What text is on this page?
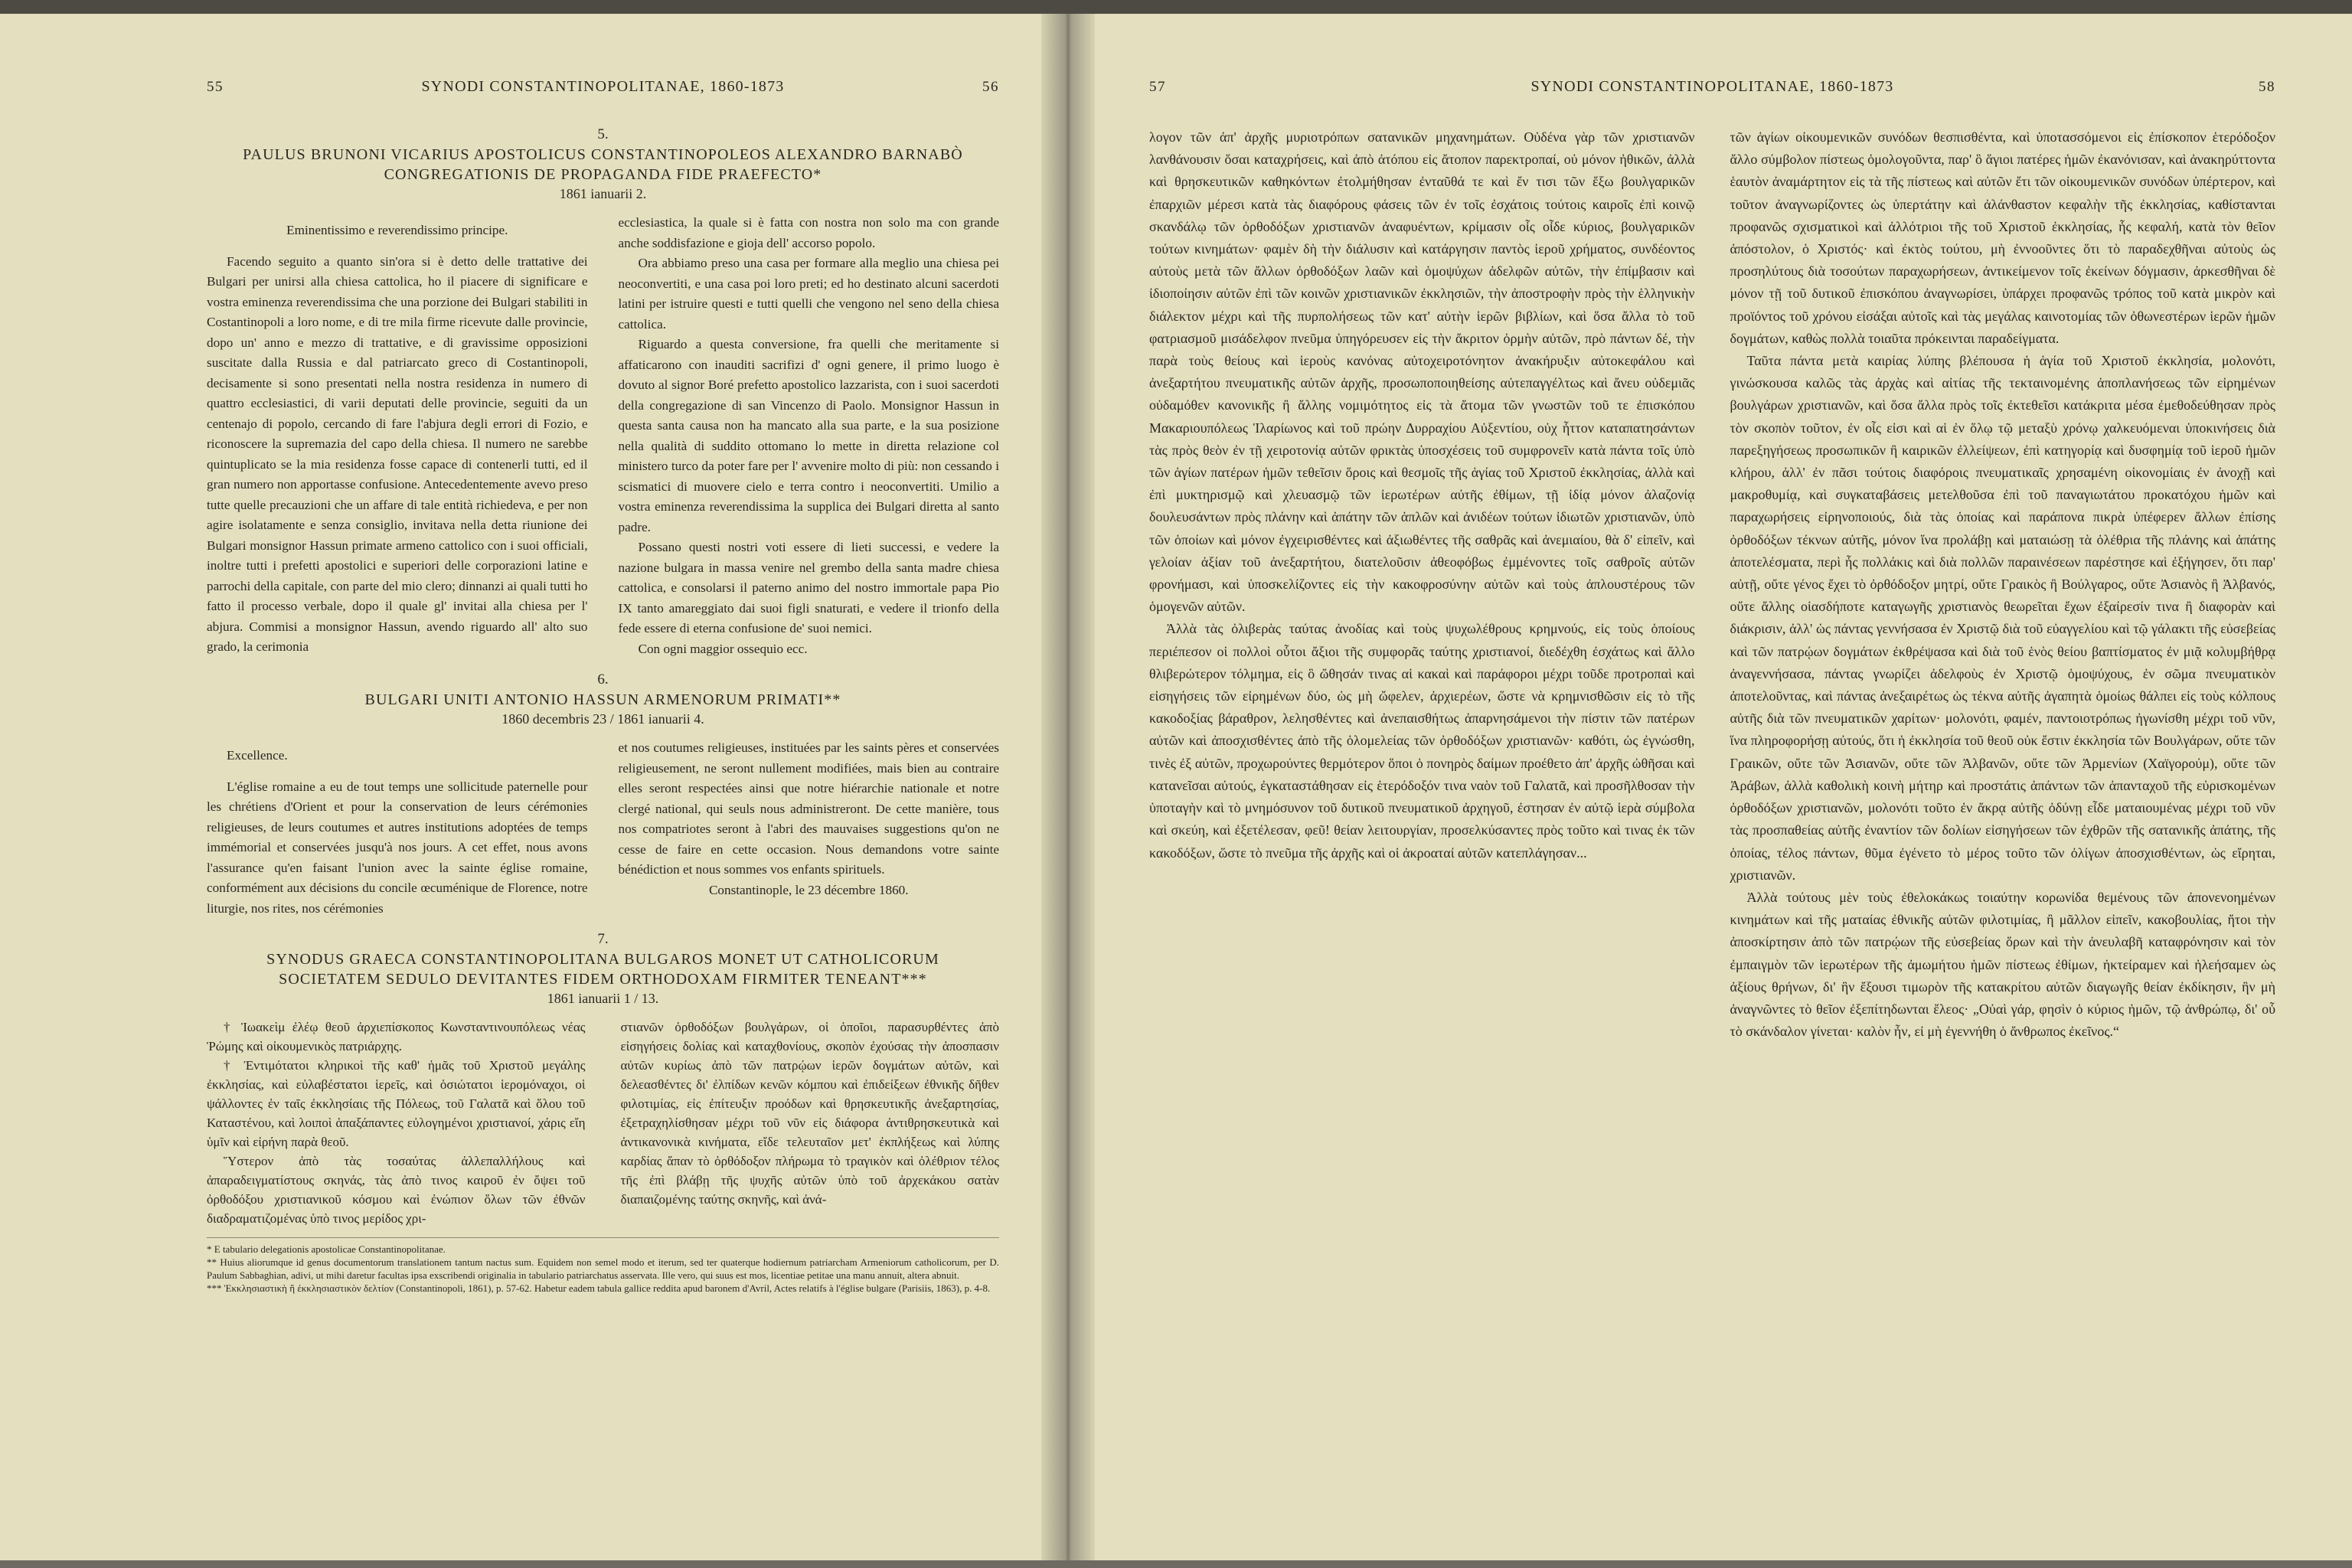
55	SYNODI CONSTANTINOPOLITANAE, 1860-1873	56
5.
PAULUS BRUNONI VICARIUS APOSTOLICUS CONSTANTINOPOLEOS ALEXANDRO BARNABÒ
CONGREGATIONIS DE PROPAGANDA FIDE PRAEFECTO*
1861 ianuarii 2.

Eminentissimo e reverendissimo principe.

Facendo seguito a quanto sin'ora si è detto delle trattative dei Bulgari per unirsi alla chiesa cattolica, ho il piacere di significare e vostra eminenza reverendissima che una porzione dei Bulgari stabiliti in Costantinopoli a loro nome, e di tre mila firme ricevute dalle provincie, dopo un' anno e mezzo di trattative, e di gravissime opposizioni suscitate dalla Russia e dal patriarcato greco di Costantinopoli, decisamente si sono presentati nella nostra residenza in numero di quattro ecclesiastici, di varii deputati delle provincie, seguiti da un centenajo di popolo, cercando di fare l'abjura degli errori di Fozio, e riconoscere la supremazia del capo della chiesa. Il numero ne sarebbe quintuplicato se la mia residenza fosse capace di contenerli tutti, ed il gran numero non apportasse confusione. Antecedentemente avevo preso tutte quelle precauzioni che un affare di tale entità richiedeva, e per non agire isolatamente e senza consiglio, invitava nella detta riunione dei Bulgari monsignor Hassun primate armeno cattolico con i suoi officiali, inoltre tutti i prefetti apostolici e superiori delle corporazioni latine e parrochi della capitale, con parte del mio clero; dinnanzi ai quali tutti ho fatto il processo verbale, dopo il quale gl' invitai alla chiesa per l' abjura. Commisi a monsignor Hassun, avendo riguardo all' alto suo grado, la cerimonia

ecclesiastica, la quale si è fatta con nostra non solo ma con grande anche soddisfazione e gioja dell' accorso popolo.

Ora abbiamo preso una casa per formare alla meglio una chiesa pei neoconvertiti, e una casa poi loro preti; ed ho destinato alcuni sacerdoti latini per istruire questi e tutti quelli che vengono nel seno della chiesa cattolica.

Riguardo a questa conversione, fra quelli che meritamente si affaticarono con inauditi sacrifizi d' ogni genere, il primo luogo è dovuto al signor Boré prefetto apostolico lazzarista, con i suoi sacerdoti della congregazione di san Vincenzo di Paolo. Monsignor Hassun in questa santa causa non ha mancato alla sua parte, e la sua posizione nella qualità di suddito ottomano lo mette in diretta relazione col ministero turco da poter fare per l' avvenire molto di più: non cessando i scismatici di muovere cielo e terra contro i neoconvertiti. Umilio a vostra eminenza reverendissima la supplica dei Bulgari diretta al santo padre.

Possano questi nostri voti essere di lieti successi, e vedere la nazione bulgara in massa venire nel grembo della santa madre chiesa cattolica, e consolarsi il paterno animo del nostro immortale papa Pio IX tanto amareggiato dai suoi figli snaturati, e vedere il trionfo della fede essere di eterna confusione de' suoi nemici.

Con ogni maggior ossequio ecc.

6.
BULGARI UNITI ANTONIO HASSUN ARMENORUM PRIMATI**
1860 decembris 23 / 1861 ianuarii 4.

Excellence.

L'église romaine a eu de tout temps une sollicitude paternelle pour les chrétiens d'Orient et pour la conservation de leurs cérémonies religieuses, de leurs coutumes et autres institutions adoptées de temps immémorial et conservées jusqu'à nos jours. A cet effet, nous avons l'assurance qu'en faisant l'union avec la sainte église romaine, conformément aux décisions du concile œcuménique de Florence, notre liturgie, nos rites, nos cérémonies

et nos coutumes religieuses, instituées par les saints pères et conservées religieusement, ne seront nullement modifiées, mais bien au contraire elles seront respectées ainsi que notre hiérarchie nationale et notre clergé national, qui seuls nous administreront. De cette manière, tous nos compatriotes seront à l'abri des mauvaises suggestions qu'on ne cesse de faire en cette occasion. Nous demandons votre sainte bénédiction et nous sommes vos enfants spirituels.

Constantinople, le 23 décembre 1860.

7.
SYNODUS GRAECA CONSTANTINOPOLITANA BULGAROS MONET UT CATHOLICORUM
SOCIETATEM SEDULO DEVITANTES FIDEM ORTHODOXAM FIRMITER TENEANT***
1861 ianuarii 1 / 13.

† Ἰωακεὶμ ἐλέῳ θεοῦ ἀρχιεπίσκοπος Κωνσταντινουπόλεως νέας Ῥώμης καὶ οἰκουμενικὸς πατριάρχης.

† Ἐντιμότατοι κληρικοὶ τῆς καθ' ἡμᾶς τοῦ Χριστοῦ μεγάλης ἐκκλησίας, καὶ εὐλαβέστατοι ἱερεῖς, καὶ ὁσιώτατοι ἱερομόναχοι, οἱ ψάλλοντες ἐν ταῖς ἐκκλησίαις τῆς Πόλεως, τοῦ Γαλατᾶ καὶ ὅλου τοῦ Καταστένου, καὶ λοιποὶ ἁπαξάπαντες εὐλογημένοι χριστιανοί, χάρις εἴη ὑμῖν καὶ εἰρήνη παρὰ θεοῦ.

Ὕστερον ἀπὸ τὰς τοσαύτας ἀλλεπαλλήλους καὶ ἀπαραδειγματίστους σκηνάς, τὰς ἀπὸ τινος καιροῦ ἐν ὄψει τοῦ ὀρθοδόξου χριστιανικοῦ κόσμου καὶ ἐνώπιον ὅλων τῶν ἐθνῶν διαδραματιζομένας ὑπὸ τινος μερίδος χρι-

στιανῶν ὀρθοδόξων βουλγάρων, οἱ ὁποῖοι, παρασυρθέντες ἀπὸ εἰσηγήσεις δολίας καὶ καταχθονίους, σκοπὸν ἐχούσας τὴν ἀποσπασιν αὐτῶν κυρίως ἀπὸ τῶν πατρῴων ἱερῶν δογμάτων αὐτῶν, καὶ δελεασθέντες δι' ἐλπίδων κενῶν κόμπου καὶ ἐπιδείξεων ἐθνικῆς δῆθεν φιλοτιμίας, εἰς ἐπίτευξιν προόδων καὶ θρησκευτικῆς ἀνεξαρτησίας, ἐξετραχηλίσθησαν μέχρι τοῦ νῦν εἰς διάφορα ἀντιθρησκευτικὰ καὶ ἀντικανονικὰ κινήματα, εἴδε τελευταῖον μετ' ἐκπλήξεως καὶ λύπης καρδίας ἅπαν τὸ ὀρθόδοξον πλήρωμα τὸ τραγικὸν καὶ ὀλέθριον τέλος τῆς ἐπὶ βλάβῃ τῆς ψυχῆς αὐτῶν ὑπὸ τοῦ ἀρχεκάκου σατὰν διαπαιζομένης ταύτης σκηνῆς, καὶ ἀνά-

* E tabulario delegationis apostolicae Constantinopolitanae.

** Huius aliorumque id genus documentorum translationem tantum nactus sum. Equidem non semel modo et iterum, sed ter quaterque hodiernum patriarcham Armeniorum catholicorum, per D. Paulum Sabbaghian, adivi, ut mihi daretur facultas ipsa exscribendi originalia in tabulario patriarchatus asservata. Ille vero, qui suus est mos, licentiae petitae una manu annuit, altera abnuit.

*** Ἐκκλησιαστικὴ ἢ ἐκκλησιαστικὸν δελτίον (Constantinopoli, 1861), p. 57-62. Habetur eadem tabula gallice reddita apud baronem d'Avril, Actes relatifs à l'église bulgare (Parisiis, 1863), p. 4-8.

57	SYNODI CONSTANTINOPOLITANAE, 1860-1873	58

λογον τῶν ἀπ' ἀρχῆς μυριοτρόπων σατανικῶν μηχανημάτων. Οὐδένα γὰρ τῶν χριστιανῶν λανθάνουσιν ὅσαι καταχρήσεις, καὶ ἀπὸ ἀτόπου εἰς ἄτοπον παρεκτροπαί, οὐ μόνον ἠθικῶν, ἀλλὰ καὶ θρησκευτικῶν καθηκόντων ἐτολμήθησαν ἐνταῦθά τε καὶ ἔν τισι τῶν ἔξω βουλγαρικῶν ἐπαρχιῶν μέρεσι κατὰ τὰς διαφόρους φάσεις τῶν ἐν τοῖς ἐσχάτοις τούτοις καιροῖς ἐπὶ κοινῷ σκανδάλῳ τῶν ὀρθοδόξων χριστιανῶν ἀναφυέντων, κρίμασιν οἷς οἶδε κύριος, βουλγαρικῶν τούτων κινημάτων· φαμὲν δὴ τὴν διάλυσιν καὶ κατάργησιν παντὸς ἱεροῦ χρήματος, συνδέοντος αὐτοὺς μετὰ τῶν ἄλλων ὀρθοδόξων λαῶν καὶ ὁμοψύχων ἀδελφῶν αὐτῶν, τὴν ἐπίμβασιν καὶ ἰδιοποίησιν αὐτῶν ἐπὶ τῶν κοινῶν χριστιανικῶν ἐκκλησιῶν, τὴν ἀποστροφὴν πρὸς τὴν ἑλληνικὴν διάλεκτον μέχρι καὶ τῆς πυρπολήσεως τῶν κατ' αὐτὴν ἱερῶν βιβλίων, καὶ ὅσα ἄλλα τὸ τοῦ φατριασμοῦ μισάδελφον πνεῦμα ὑπηγόρευσεν εἰς τὴν ἄκριτον ὁρμὴν αὐτῶν, πρὸ πάντων δέ, τὴν παρὰ τοὺς θείους καὶ ἱεροὺς κανόνας αὐτοχειροτόνητον ἀνακήρυξιν αὐτοκεφάλου καὶ ἀνεξαρτήτου πνευματικῆς αὐτῶν ἀρχῆς, προσωποποιηθείσης αὐτεπαγγέλτως καὶ ἄνευ οὐδεμιᾶς οὐδαμόθεν κανονικῆς ἢ ἄλλης νομιμότητος εἰς τὰ ἄτομα τῶν γνωστῶν τοῦ τε ἐπισκόπου Μακαριουπόλεως Ἱλαρίωνος καὶ τοῦ πρώην Δυρραχίου Αὐξεντίου, οὐχ ἧττον καταπατησάντων τὰς πρὸς θεὸν ἐν τῇ χειροτονίᾳ αὐτῶν φρικτὰς ὑποσχέσεις τοῦ συμφρονεῖν κατὰ πάντα τοῖς ὑπὸ τῶν ἁγίων πατέρων ἡμῶν τεθεῖσιν ὅροις καὶ θεσμοῖς τῆς ἁγίας τοῦ Χριστοῦ ἐκκλησίας, ἀλλὰ καὶ ἐπὶ μυκτηρισμῷ καὶ χλευασμῷ τῶν ἱερωτέρων αὐτῆς ἐθίμων, τῇ ἰδίᾳ μόνον ἀλαζονίᾳ δουλευσάντων πρὸς πλάνην καὶ ἀπάτην τῶν ἁπλῶν καὶ ἀνιδέων τούτων ἰδιωτῶν χριστιανῶν, ὑπὸ τῶν ὁποίων καὶ μόνον ἐγχειρισθέντες καὶ ἀξιωθέντες τῆς σαθρᾶς καὶ ἀνεμιαίου, θὰ δ' εἰπεῖν, καὶ γελοίαν ἀξίαν τοῦ ἀνεξαρτήτου, διατελοῦσιν ἀθεοφόβως ἐμμένοντες τοῖς σαθροῖς αὐτῶν φρονήμασι, καὶ ὑποσκελίζοντες εἰς τὴν κακοφροσύνην αὐτῶν καὶ τοὺς ἀπλουστέρους τῶν ὁμογενῶν αὐτῶν.

Ἀλλὰ τὰς ὀλιβερὰς ταύτας ἀνοδίας καὶ τοὺς ψυχωλέθρους κρημνούς, εἰς τοὺς ὁποίους περιέπεσον οἱ πολλοὶ οὗτοι ἄξιοι τῆς συμφορᾶς ταύτης χριστιανοί, διεδέχθη ἐσχάτως καὶ ἄλλο θλιβερώτερον τόλμημα, εἰς ὃ ὤθησάν τινας αἱ κακαὶ καὶ παράφοροι μέχρι τοῦδε προτροπαὶ καὶ εἰσηγήσεις τῶν εἰρημένων δύο, ὡς μὴ ὤφελεν, ἀρχιερέων, ὥστε νὰ κρημνισθῶσιν εἰς τὸ τῆς κακοδοξίας βάραθρον, λελησθέντες καὶ ἀνεπαισθήτως ἀπαρνησάμενοι τὴν πίστιν τῶν πατέρων αὐτῶν καὶ ἀποσχισθέντες ἀπὸ τῆς ὁλομελείας τῶν ὀρθοδόξων χριστιανῶν· καθότι, ὡς ἐγνώσθη, τινὲς ἐξ αὐτῶν, προχωρούντες θερμότερον ὅποι ὁ πονηρὸς δαίμων προέθετο ἀπ' ἀρχῆς ὠθῆσαι καὶ κατανεῖσαι αὐτούς, ἐγκαταστάθησαν εἰς ἑτερόδοξόν τινα ναὸν τοῦ Γαλατᾶ, καὶ προσῆλθοσαν τὴν ὑποταγὴν καὶ τὸ μνημόσυνον τοῦ δυτικοῦ πνευματικοῦ ἀρχηγοῦ, ἐστησαν ἐν αὐτῷ ἱερὰ σύμβολα καὶ σκεύη, καὶ ἐξετέλεσαν, φεῦ! θείαν λειτουργίαν, προσελκύσαντες πρὸς τοῦτο καὶ τινας ἐκ τῶν κακοδόξων, ὥστε τὸ πνεῦμα τῆς ἀρχῆς καὶ οἱ ἀκροαταί αὐτῶν κατεπλάγησαν...

τῶν ἁγίων οἰκουμενικῶν συνόδων θεσπισθέντα, καὶ ὑποτασσόμενοι εἰς ἐπίσκοπον ἑτερόδοξον ἄλλο σύμβολον πίστεως ὁμολογοῦντα, παρ' ὃ ἅγιοι πατέρες ἡμῶν ἐκανόνισαν, καὶ ἀνακηρύττοντα ἑαυτὸν ἀναμάρτητον εἰς τὰ τῆς πίστεως καὶ αὐτῶν ἔτι τῶν οἰκουμενικῶν συνόδων ὑπέρτερον, καὶ τοῦτον ἀναγνωρίζοντες ὡς ὑπερτάτην καὶ ἀλάνθαστον κεφαλὴν τῆς ἐκκλησίας, καθίστανται προφανῶς σχισματικοὶ καὶ ἀλλότριοι τῆς τοῦ Χριστοῦ ἐκκλησίας, ἧς κεφαλή, κατὰ τὸν θεῖον ἀπόστολον, ὁ Χριστός· καὶ ἐκτὸς τούτου, μὴ ἐννοοῦντες ὅτι τὸ παραδεχθῆναι αὐτοὺς ὡς προσηλύτους διὰ τοσούτων παραχωρήσεων, ἀντικείμενον τοῖς ἐκείνων δόγμασιν, ἀρκεσθῆναι δὲ μόνον τῇ τοῦ δυτικοῦ ἐπισκόπου ἀναγνωρίσει, ὑπάρχει προφανῶς τρόπος τοῦ κατὰ μικρὸν καὶ προϊόντος τοῦ χρόνου εἰσάξαι αὐτοῖς καὶ τὰς μεγάλας καινοτομίας τῶν ὀθωνεστέρων ἱερῶν ἡμῶν δογμάτων, καθὼς πολλὰ τοιαῦτα πρόκεινται παραδείγματα.

Ταῦτα πάντα μετὰ καιρίας λύπης βλέπουσα ἡ ἁγία τοῦ Χριστοῦ ἐκκλησία, μολονότι, γινώσκουσα καλῶς τὰς ἀρχὰς καὶ αἰτίας τῆς τεκταινομένης ἀποπλανήσεως τῶν εἰρημένων βουλγάρων χριστιανῶν, καὶ ὅσα ἄλλα πρὸς τοῖς ἐκτεθεῖσι κατάκριτα μέσα ἐμεθοδεύθησαν πρὸς τὸν σκοπὸν τοῦτον, ἐν οἷς εἰσι καὶ αἱ ἐν ὅλῳ τῷ μεταξὺ χρόνῳ χαλκευόμεναι ὑποκινήσεις διὰ παρεξηγήσεως προσωπικῶν ἢ καιρικῶν ἐλλείψεων, ἐπὶ κατηγορίᾳ καὶ δυσφημίᾳ τοῦ ἱεροῦ ἡμῶν κλήρου, ἀλλ' ἐν πᾶσι τούτοις διαφόροις πνευματικαῖς χρησαμένη οἰκονομίαις ἐν ἀνοχῇ καὶ μακροθυμίᾳ, καὶ συγκαταβάσεις μετελθοῦσα ἐπὶ τοῦ παναγιωτάτου προκατόχου ἡμῶν καὶ παραχωρήσεις εἰρηνοποιούς, διὰ τὰς ὁποίας καὶ παράπονα πικρὰ ὑπέφερεν ἄλλων ἐπίσης ὀρθοδόξων τέκνων αὐτῆς, μόνον ἵνα προλάβῃ καὶ ματαιώσῃ τὰ ὀλέθρια τῆς πλάνης καὶ ἀπάτης ἀποτελέσματα, περὶ ἧς πολλάκις καὶ διὰ πολλῶν παραινέσεων παρέστησε καὶ ἐξήγησεν, ὅτι παρ' αὐτῇ, οὔτε γένος ἔχει τὸ ὀρθόδοξον μητρί, οὔτε Γραικὸς ἢ Βούλγαρος, οὔτε Ἀσιανὸς ἢ Ἀλβανός, οὔτε ἄλλης οἱασδήποτε καταγωγῆς χριστιανὸς θεωρεῖται ἔχων ἐξαίρεσίν τινα ἢ διαφορὰν καὶ διάκρισιν, ἀλλ' ὡς πάντας γεννήσασα ἐν Χριστῷ διὰ τοῦ εὐαγγελίου καὶ τῷ γάλακτι τῆς εὐσεβείας καὶ τῶν πατρῴων δογμάτων ἐκθρέψασα καὶ διὰ τοῦ ἑνὸς θείου βαπτίσματος ἐν μιᾷ κολυμβήθρᾳ ἀναγεννήσασα, πάντας γνωρίζει ἀδελφοὺς ἐν Χριστῷ ὁμοψύχους, ἐν σῶμα πνευματικὸν ἀποτελοῦντας, καὶ πάντας ἀνεξαιρέτως ὡς τέκνα αὐτῆς ἀγαπητὰ ὁμοίως θάλπει εἰς τοὺς κόλπους αὐτῆς διὰ τῶν πνευματικῶν χαρίτων· μολονότι, φαμέν, παντοιοτρόπως ἠγωνίσθη μέχρι τοῦ νῦν, ἵνα πληροφορήσῃ αὐτούς, ὅτι ἡ ἐκκλησία τοῦ θεοῦ οὐκ ἔστιν ἐκκλησία τῶν Βουλγάρων, οὔτε τῶν Γραικῶν, οὔτε τῶν Ἀσιανῶν, οὔτε τῶν Ἀλβανῶν, οὔτε τῶν Ἀρμενίων (Χαϊγορούμ), οὔτε τῶν Ἀράβων, ἀλλὰ καθολικὴ κοινὴ μήτηρ καὶ προστάτις ἁπάντων τῶν ἁπανταχοῦ τῆς εὐρισκομένων ὀρθοδόξων χριστιανῶν, μολονότι τοῦτο ἐν ἄκρᾳ αὐτῆς ὀδύνῃ εἶδε ματαιουμένας μέχρι τοῦ νῦν τὰς προσπαθείας αὐτῆς ἐναντίον τῶν δολίων εἰσηγήσεων τῶν ἐχθρῶν τῆς σατανικῆς ἀπάτης, τῆς ὁποίας, τέλος πάντων, θῦμα ἐγένετο τὸ μέρος τοῦτο τῶν ὀλίγων ἀποσχισθέντων, ὡς εἴρηται, χριστιανῶν.

Ἀλλὰ τούτους μὲν τοὺς ἐθελοκάκως τοιαύτην κορωνίδα θεμένους τῶν ἀπονενοημένων κινημάτων καὶ τῆς ματαίας ἐθνικῆς αὐτῶν φιλοτιμίας, ἢ μᾶλλον εἰπεῖν, κακοβουλίας, ἤτοι τὴν ἀποσκίρτησιν ἀπὸ τῶν πατρῴων τῆς εὐσεβείας ὅρων καὶ τὴν ἀνευλαβῆ καταφρόνησιν καὶ τὸν ἐμπαιγμὸν τῶν ἱερωτέρων τῆς ἀμωμήτου ἡμῶν πίστεως ἐθίμων, ἠκτείραμεν καὶ ἠλεήσαμεν ὡς ἀξίους θρήνων, δι' ἣν ἔξουσι τιμωρὸν τῆς κατακρίτου αὐτῶν διαγωγῆς θείαν ἐκδίκησιν, ἣν μὴ ἀναγνῶντες τὸ θεῖον ἐξεπίτηδωνται ἔλεος· „Οὐαὶ γάρ, φησὶν ὁ κύριος ἡμῶν, τῷ ἀνθρώπῳ, δι' οὗ τὸ σκάνδαλον γίνεται· καλὸν ἦν, εἰ μὴ ἐγεννήθη ὁ ἄνθρωπος ἐκεῖνος.“
